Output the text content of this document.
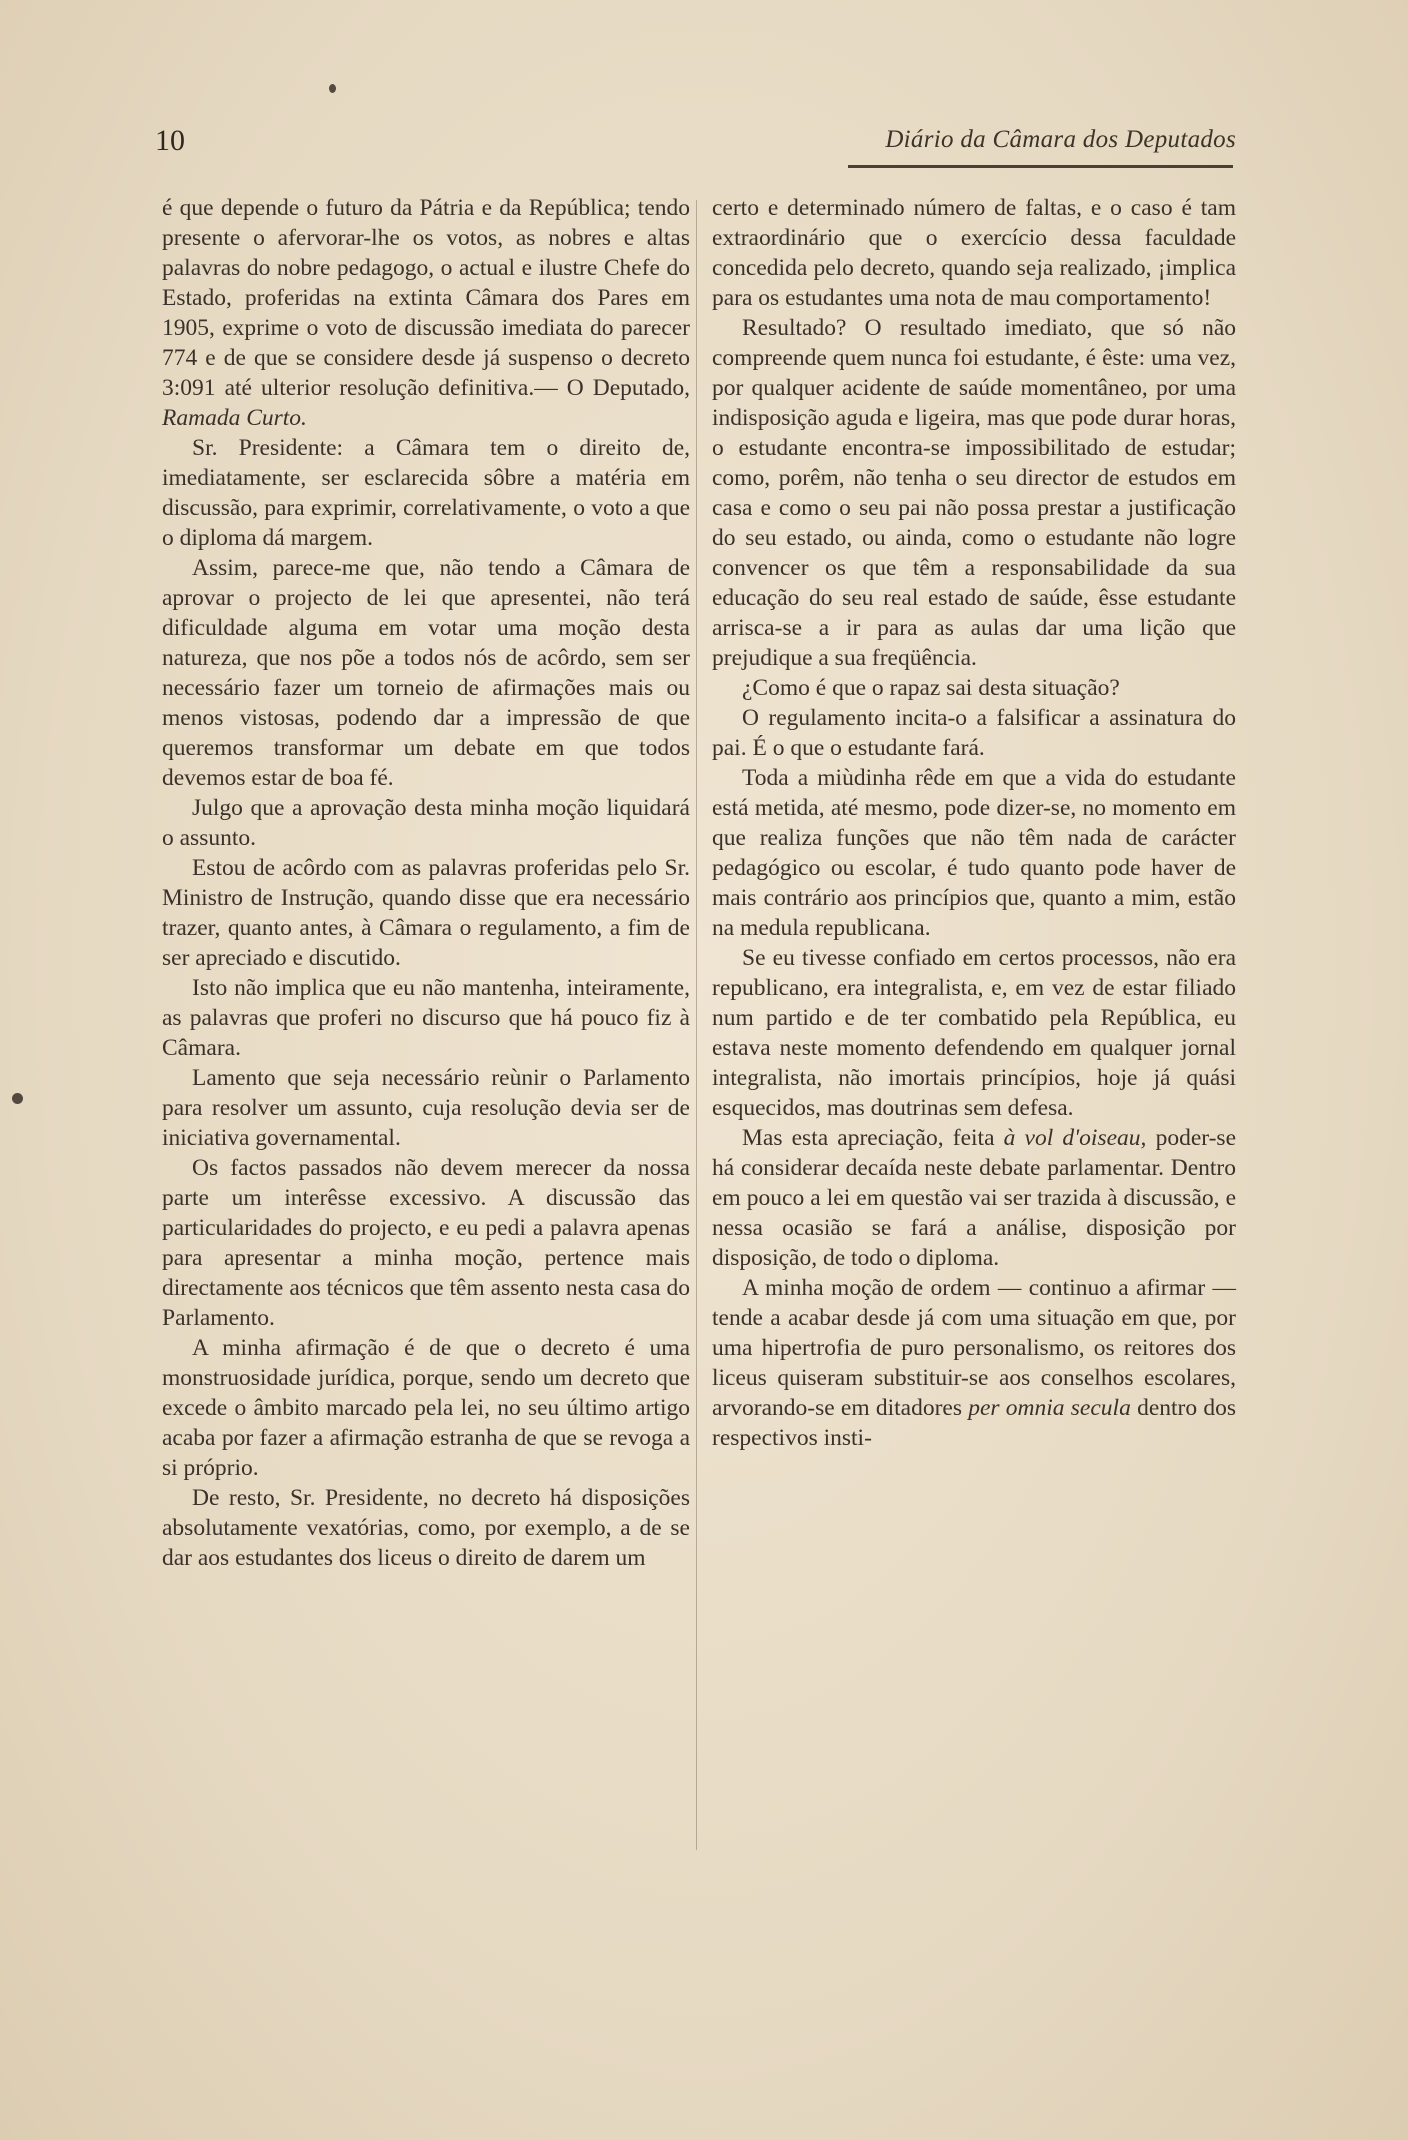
10	Diário da Câmara dos Deputados

é que depende o futuro da Pátria e da República; tendo presente o afervorar-lhe os votos, as nobres e altas palavras do nobre pedagogo, o actual e ilustre Chefe do Estado, proferidas na extinta Câmara dos Pares em 1905, exprime o voto de discussão imediata do parecer 774 e de que se considere desde já suspenso o decreto 3:091 até ulterior resolução definitiva.— O Deputado, Ramada Curto.

Sr. Presidente: a Câmara tem o direito de, imediatamente, ser esclarecida sôbre a matéria em discussão, para exprimir, correlativamente, o voto a que o diploma dá margem.

Assim, parece-me que, não tendo a Câmara de aprovar o projecto de lei que apresentei, não terá dificuldade alguma em votar uma moção desta natureza, que nos põe a todos nós de acôrdo, sem ser necessário fazer um torneio de afirmações mais ou menos vistosas, podendo dar a impressão de que queremos transformar um debate em que todos devemos estar de boa fé.

Julgo que a aprovação desta minha moção liquidará o assunto.

Estou de acôrdo com as palavras proferidas pelo Sr. Ministro de Instrução, quando disse que era necessário trazer, quanto antes, à Câmara o regulamento, a fim de ser apreciado e discutido.

Isto não implica que eu não mantenha, inteiramente, as palavras que proferi no discurso que há pouco fiz à Câmara.

Lamento que seja necessário reùnir o Parlamento para resolver um assunto, cuja resolução devia ser de iniciativa governamental.

Os factos passados não devem merecer da nossa parte um interêsse excessivo. A discussão das particularidades do projecto, e eu pedi a palavra apenas para apresentar a minha moção, pertence mais directamente aos técnicos que têm assento nesta casa do Parlamento.

A minha afirmação é de que o decreto é uma monstruosidade jurídica, porque, sendo um decreto que excede o âmbito marcado pela lei, no seu último artigo acaba por fazer a afirmação estranha de que se revoga a si próprio.

De resto, Sr. Presidente, no decreto há disposições absolutamente vexatórias, como, por exemplo, a de se dar aos estudantes dos liceus o direito de darem um

certo e determinado número de faltas, e o caso é tam extraordinário que o exercício dessa faculdade concedida pelo decreto, quando seja realizado, ¡implica para os estudantes uma nota de mau comportamento!

Resultado? O resultado imediato, que só não compreende quem nunca foi estudante, é êste: uma vez, por qualquer acidente de saúde momentâneo, por uma indisposição aguda e ligeira, mas que pode durar horas, o estudante encontra-se impossibilitado de estudar; como, porêm, não tenha o seu director de estudos em casa e como o seu pai não possa prestar a justificação do seu estado, ou ainda, como o estudante não logre convencer os que têm a responsabilidade da sua educação do seu real estado de saúde, êsse estudante arrisca-se a ir para as aulas dar uma lição que prejudique a sua freqüência.

¿Como é que o rapaz sai desta situação?

O regulamento incita-o a falsificar a assinatura do pai. É o que o estudante fará.

Toda a miùdinha rêde em que a vida do estudante está metida, até mesmo, pode dizer-se, no momento em que realiza funções que não têm nada de carácter pedagógico ou escolar, é tudo quanto pode haver de mais contrário aos princípios que, quanto a mim, estão na medula republicana.

Se eu tivesse confiado em certos processos, não era republicano, era integralista, e, em vez de estar filiado num partido e de ter combatido pela República, eu estava neste momento defendendo em qualquer jornal integralista, não imortais princípios, hoje já quási esquecidos, mas doutrinas sem defesa.

Mas esta apreciação, feita à vol d'oiseau, poder-se há considerar decaída neste debate parlamentar. Dentro em pouco a lei em questão vai ser trazida à discussão, e nessa ocasião se fará a análise, disposição por disposição, de todo o diploma.

A minha moção de ordem — continuo a afirmar — tende a acabar desde já com uma situação em que, por uma hipertrofia de puro personalismo, os reitores dos liceus quiseram substituir-se aos conselhos escolares, arvorando-se em ditadores per omnia secula dentro dos respectivos insti-
